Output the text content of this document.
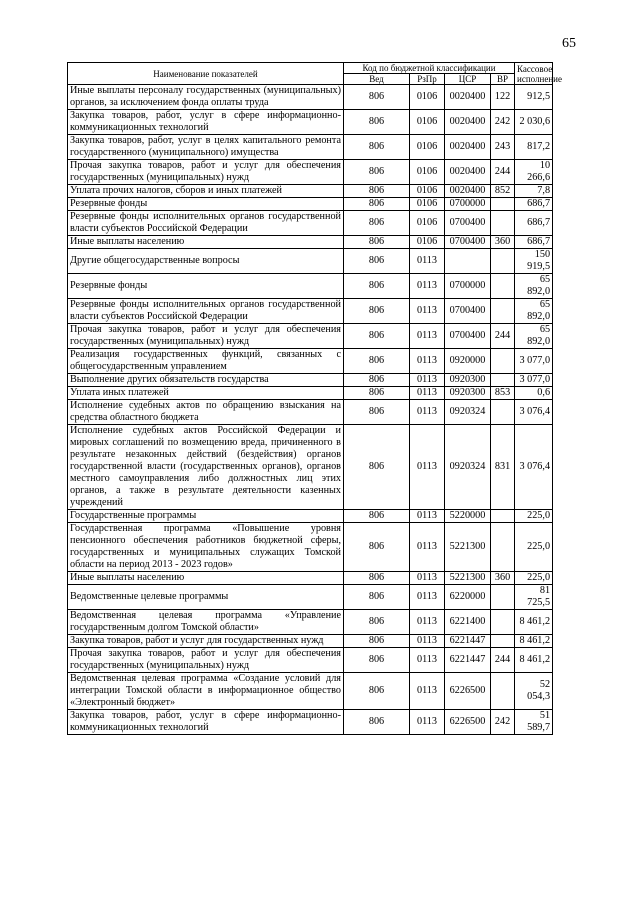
65
Наименование показателей	Код по бюджетной классификации				Кассовое исполнение
	Вед	РзПр	ЦСР	ВР	
Иные выплаты персоналу государственных (муниципальных) органов, за исключением фонда оплаты труда	806	0106	0020400	122	912,5
Закупка товаров, работ, услуг в сфере информационно-коммуникационных технологий	806	0106	0020400	242	2 030,6
Закупка товаров, работ, услуг в целях капитального ремонта государственного (муниципального) имущества	806	0106	0020400	243	817,2
Прочая закупка товаров, работ и услуг для обеспечения государственных (муниципальных) нужд	806	0106	0020400	244	10 266,6
Уплата прочих налогов, сборов и иных платежей	806	0106	0020400	852	7,8
Резервные фонды	806	0106	0700000		686,7
Резервные фонды исполнительных органов государственной власти субъектов Российской Федерации	806	0106	0700400		686,7
Иные выплаты населению	806	0106	0700400	360	686,7
Другие общегосударственные вопросы	806	0113			150 919,5
Резервные фонды	806	0113	0700000		65 892,0
Резервные фонды исполнительных органов государственной власти субъектов Российской Федерации	806	0113	0700400		65 892,0
Прочая закупка товаров, работ и услуг для обеспечения государственных (муниципальных) нужд	806	0113	0700400	244	65 892,0
Реализация государственных функций, связанных с общегосударственным управлением	806	0113	0920000		3 077,0
Выполнение других обязательств государства	806	0113	0920300		3 077,0
Уплата иных платежей	806	0113	0920300	853	0,6
Исполнение судебных актов по обращению взыскания на средства областного бюджета	806	0113	0920324		3 076,4
Исполнение судебных актов Российской Федерации и мировых соглашений по возмещению вреда, причиненного в результате незаконных действий (бездействия) органов государственной власти (государственных органов), органов местного самоуправления либо должностных лиц этих органов, а также в результате деятельности казенных учреждений	806	0113	0920324	831	3 076,4
Государственные программы	806	0113	5220000		225,0
Государственная программа «Повышение уровня пенсионного обеспечения работников бюджетной сферы, государственных и муниципальных служащих Томской области на период 2013 - 2023 годов»	806	0113	5221300		225,0
Иные выплаты населению	806	0113	5221300	360	225,0
Ведомственные целевые программы	806	0113	6220000		81 725,5
Ведомственная целевая программа «Управление государственным долгом Томской области»	806	0113	6221400		8 461,2
Закупка товаров, работ и услуг для государственных нужд	806	0113	6221447		8 461,2
Прочая закупка товаров, работ и услуг для обеспечения государственных (муниципальных) нужд	806	0113	6221447	244	8 461,2
Ведомственная целевая программа «Создание условий для интеграции Томской области в информационное общество «Электронный бюджет»	806	0113	6226500		52 054,3
Закупка товаров, работ, услуг в сфере информационно-коммуникационных технологий	806	0113	6226500	242	51 589,7
